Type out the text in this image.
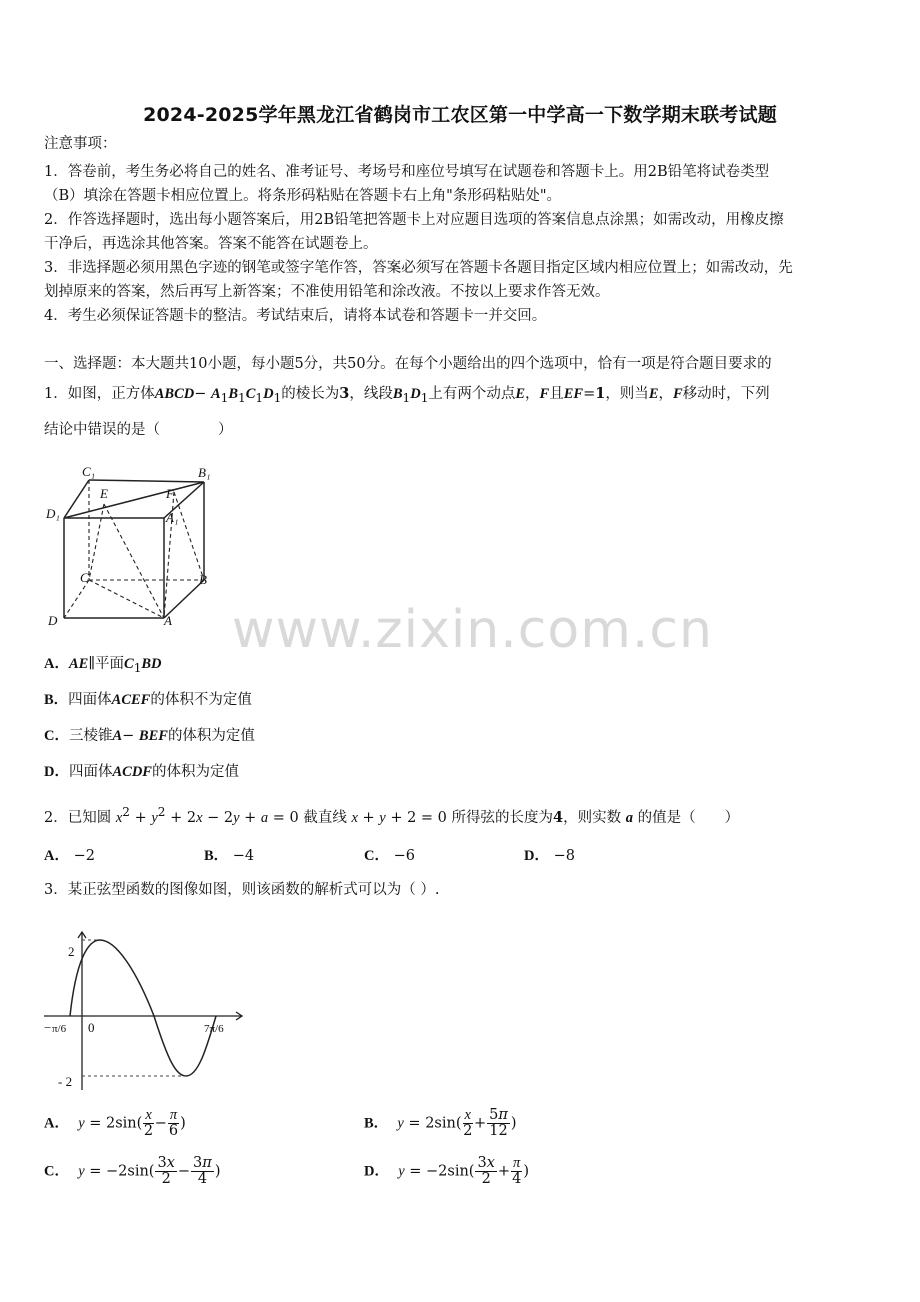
2024-2025学年黑龙江省鹤岗市工农区第一中学高一下数学期末联考试题
注意事项：
1．答卷前，考生务必将自己的姓名、准考证号、考场号和座位号填写在试题卷和答题卡上。用2B铅笔将试卷类型
（B）填涂在答题卡相应位置上。将条形码粘贴在答题卡右上角"条形码粘贴处"。
2．作答选择题时，选出每小题答案后，用2B铅笔把答题卡上对应题目选项的答案信息点涂黑；如需改动，用橡皮擦
干净后，再选涂其他答案。答案不能答在试题卷上。
3．非选择题必须用黑色字迹的钢笔或签字笔作答，答案必须写在答题卡各题目指定区域内相应位置上；如需改动，先
划掉原来的答案，然后再写上新答案；不准使用铅笔和涂改液。不按以上要求作答无效。
4．考生必须保证答题卡的整洁。考试结束后，请将本试卷和答题卡一并交回。
一、选择题：本大题共10小题，每小题5分，共50分。在每个小题给出的四个选项中，恰有一项是符合题目要求的
1．如图，正方体ABCD− $A_1B_1C_1D_1$的棱长为3，线段$B_1D_1$上有两个动点E，F且EF=1，则当E，F移动时，下列
结论中错误的是（　　　　）
C₁	B₁
D₁
E	F
A₁
C	B
D	A
A．AE∥平面$C_1BD$
B．四面体ACEF的体积不为定值
C．三棱锥A− BEF的体积为定值
D．四面体ACDF的体积为定值
2．已知圆 $x^2 + y^2 + 2x - 2y + a = 0$ 截直线 x + y + 2 = 0 所得弦的长度为4，则实数 a 的值是（　　）
A． −2	B． −4	C． −6	D． −8
3．某正弦型函数的图像如图，则该函数的解析式可以为（ ）.
2
- 2
0
− π/6	7π/6
A． $y = 2\sin( \frac{x}{2} - \frac{\pi}{6}$ )	B． $y = 2\sin( \frac{x}{2} + \frac{5\pi}{12}$ )
C． $y = -2\sin( \frac{3x}{2} - \frac{3\pi}{4}$ )	D． $y = -2\sin( \frac{3x}{2} + \frac{\pi}{4}$ )
www.zixin.com.cn
